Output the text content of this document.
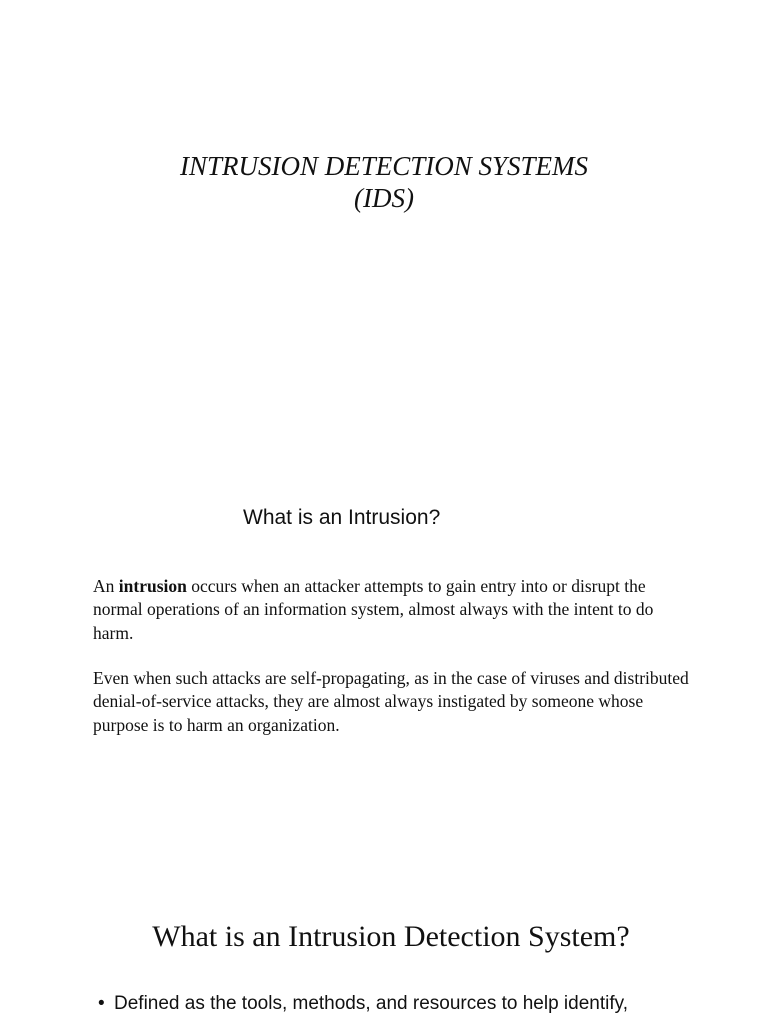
INTRUSION DETECTION SYSTEMS
(IDS)
What is an Intrusion?

An intrusion occurs when an attacker attempts to gain entry into or disrupt the normal operations of an information system, almost always with the intent to do harm.

Even when such attacks are self-propagating, as in the case of viruses and distributed denial-of-service attacks, they are almost always instigated by someone whose purpose is to harm an organization.

What is an Intrusion Detection System?
• Defined as the tools, methods, and resources to help identify,
